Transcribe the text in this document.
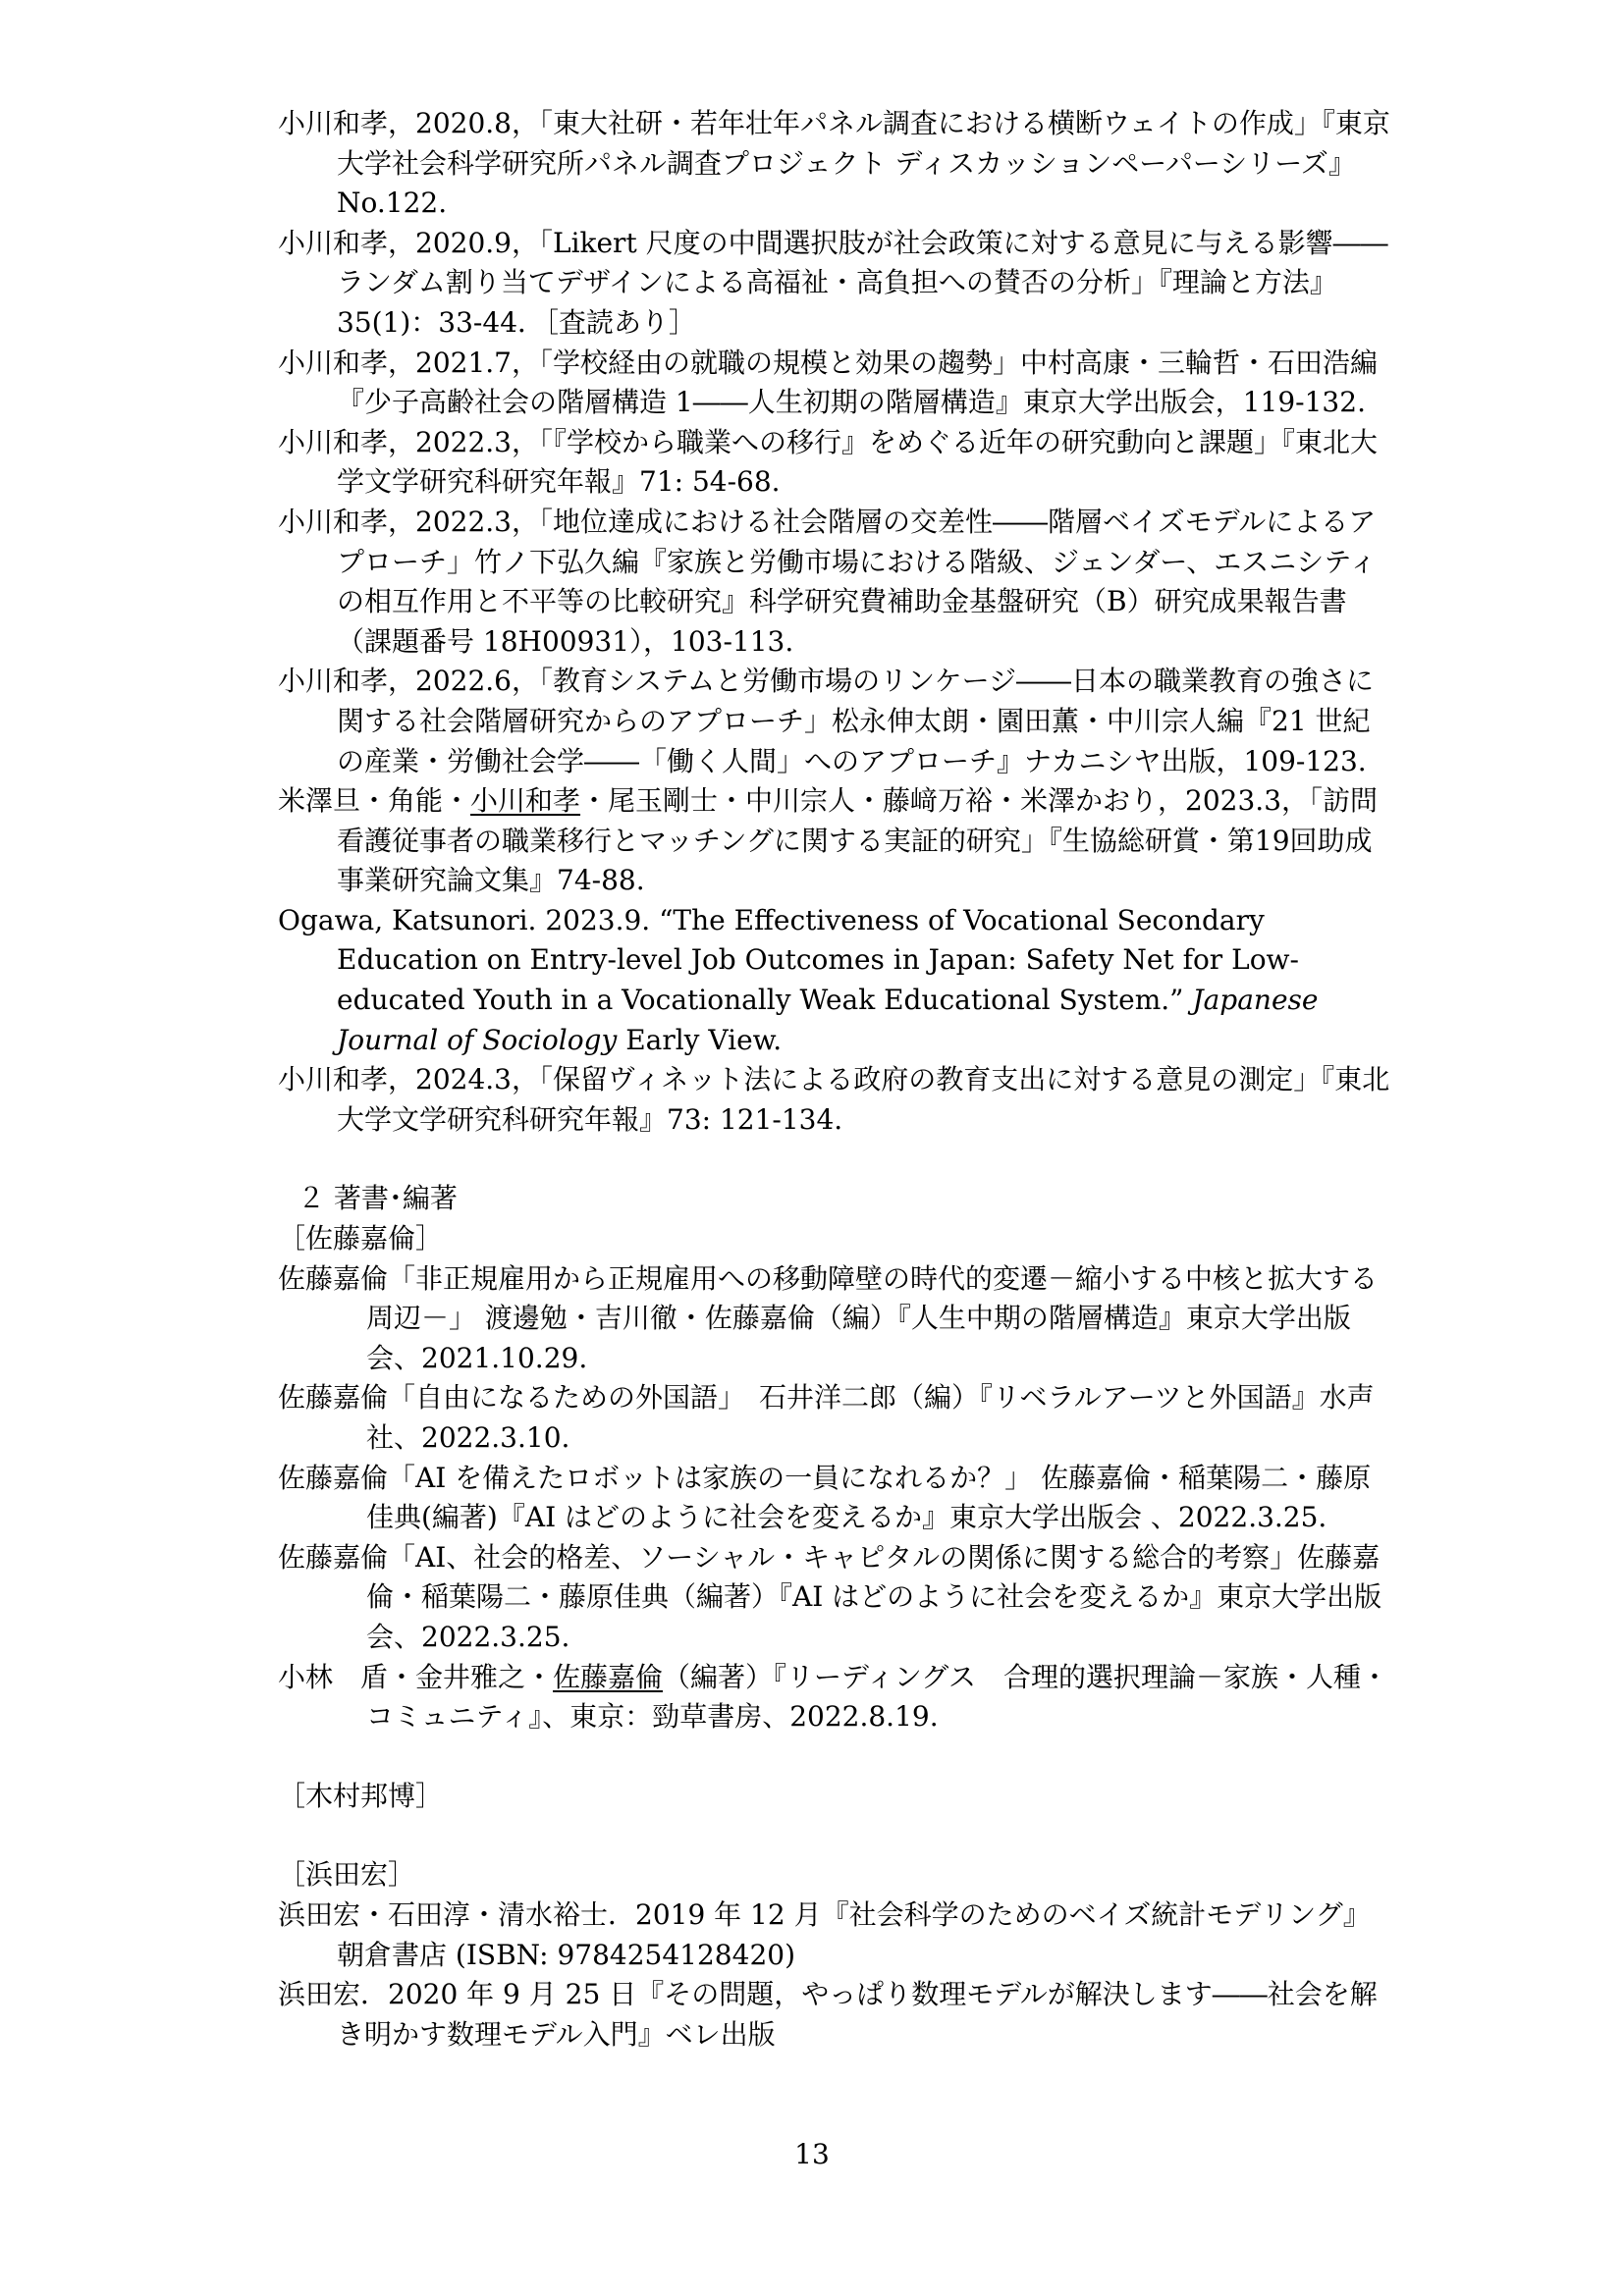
小川和孝，2020.8，「東大社研・若年壮年パネル調査における横断ウェイトの作成」『東京大学社会科学研究所パネル調査プロジェクト ディスカッションペーパーシリーズ』No.122.

小川和孝，2020.9，「Likert 尺度の中間選択肢が社会政策に対する意見に与える影響――ランダム割り当てデザインによる高福祉・高負担への賛否の分析」『理論と方法』35(1)：33-44．［査読あり］

小川和孝，2021.7，「学校経由の就職の規模と効果の趨勢」中村高康・三輪哲・石田浩編『少子高齢社会の階層構造 1――人生初期の階層構造』東京大学出版会，119-132.

小川和孝，2022.3，「『学校から職業への移行』をめぐる近年の研究動向と課題」『東北大学文学研究科研究年報』71: 54-68.

小川和孝，2022.3，「地位達成における社会階層の交差性――階層ベイズモデルによるアプローチ」竹ノ下弘久編『家族と労働市場における階級、ジェンダー、エスニシティの相互作用と不平等の比較研究』科学研究費補助金基盤研究（B）研究成果報告書（課題番号 18H00931），103-113.

小川和孝，2022.6，「教育システムと労働市場のリンケージ――日本の職業教育の強さに関する社会階層研究からのアプローチ」松永伸太朗・園田薫・中川宗人編『21 世紀の産業・労働社会学――「働く人間」へのアプローチ』ナカニシヤ出版，109-123.

米澤旦・角能・小川和孝・尾玉剛士・中川宗人・藤﨑万裕・米澤かおり，2023.3，「訪問看護従事者の職業移行とマッチングに関する実証的研究」『生協総研賞・第19回助成事業研究論文集』74-88.

Ogawa, Katsunori. 2023.9. “The Effectiveness of Vocational Secondary Education on Entry-level Job Outcomes in Japan: Safety Net for Low-educated Youth in a Vocationally Weak Educational System.” Japanese Journal of Sociology Early View.

小川和孝，2024.3，「保留ヴィネット法による政府の教育支出に対する意見の測定」『東北大学文学研究科研究年報』73: 121-134.

２ 著書･編著

［佐藤嘉倫］

佐藤嘉倫「非正規雇用から正規雇用への移動障壁の時代的変遷－縮小する中核と拡大する周辺－」 渡邊勉・吉川徹・佐藤嘉倫（編）『人生中期の階層構造』東京大学出版会、2021.10.29.

佐藤嘉倫「自由になるための外国語」　石井洋二郎（編）『リベラルアーツと外国語』水声社、2022.3.10.

佐藤嘉倫「AI を備えたロボットは家族の一員になれるか？」 佐藤嘉倫・稲葉陽二・藤原佳典(編著)『AI はどのように社会を変えるか』東京大学出版会 、2022.3.25.

佐藤嘉倫「AI、社会的格差、ソーシャル・キャピタルの関係に関する総合的考察」佐藤嘉倫・稲葉陽二・藤原佳典（編著）『AI はどのように社会を変えるか』東京大学出版会、2022.3.25.

小林　盾・金井雅之・佐藤嘉倫（編著）『リーディングス　合理的選択理論－家族・人種・コミュニティ』、東京：勁草書房、2022.8.19.

［木村邦博］

［浜田宏］

浜田宏・石田淳・清水裕士．2019 年 12 月『社会科学のためのベイズ統計モデリング』朝倉書店 (ISBN: 9784254128420)

浜田宏．2020 年 9 月 25 日『その問題，やっぱり数理モデルが解決します――社会を解き明かす数理モデル入門』ベレ出版

13
